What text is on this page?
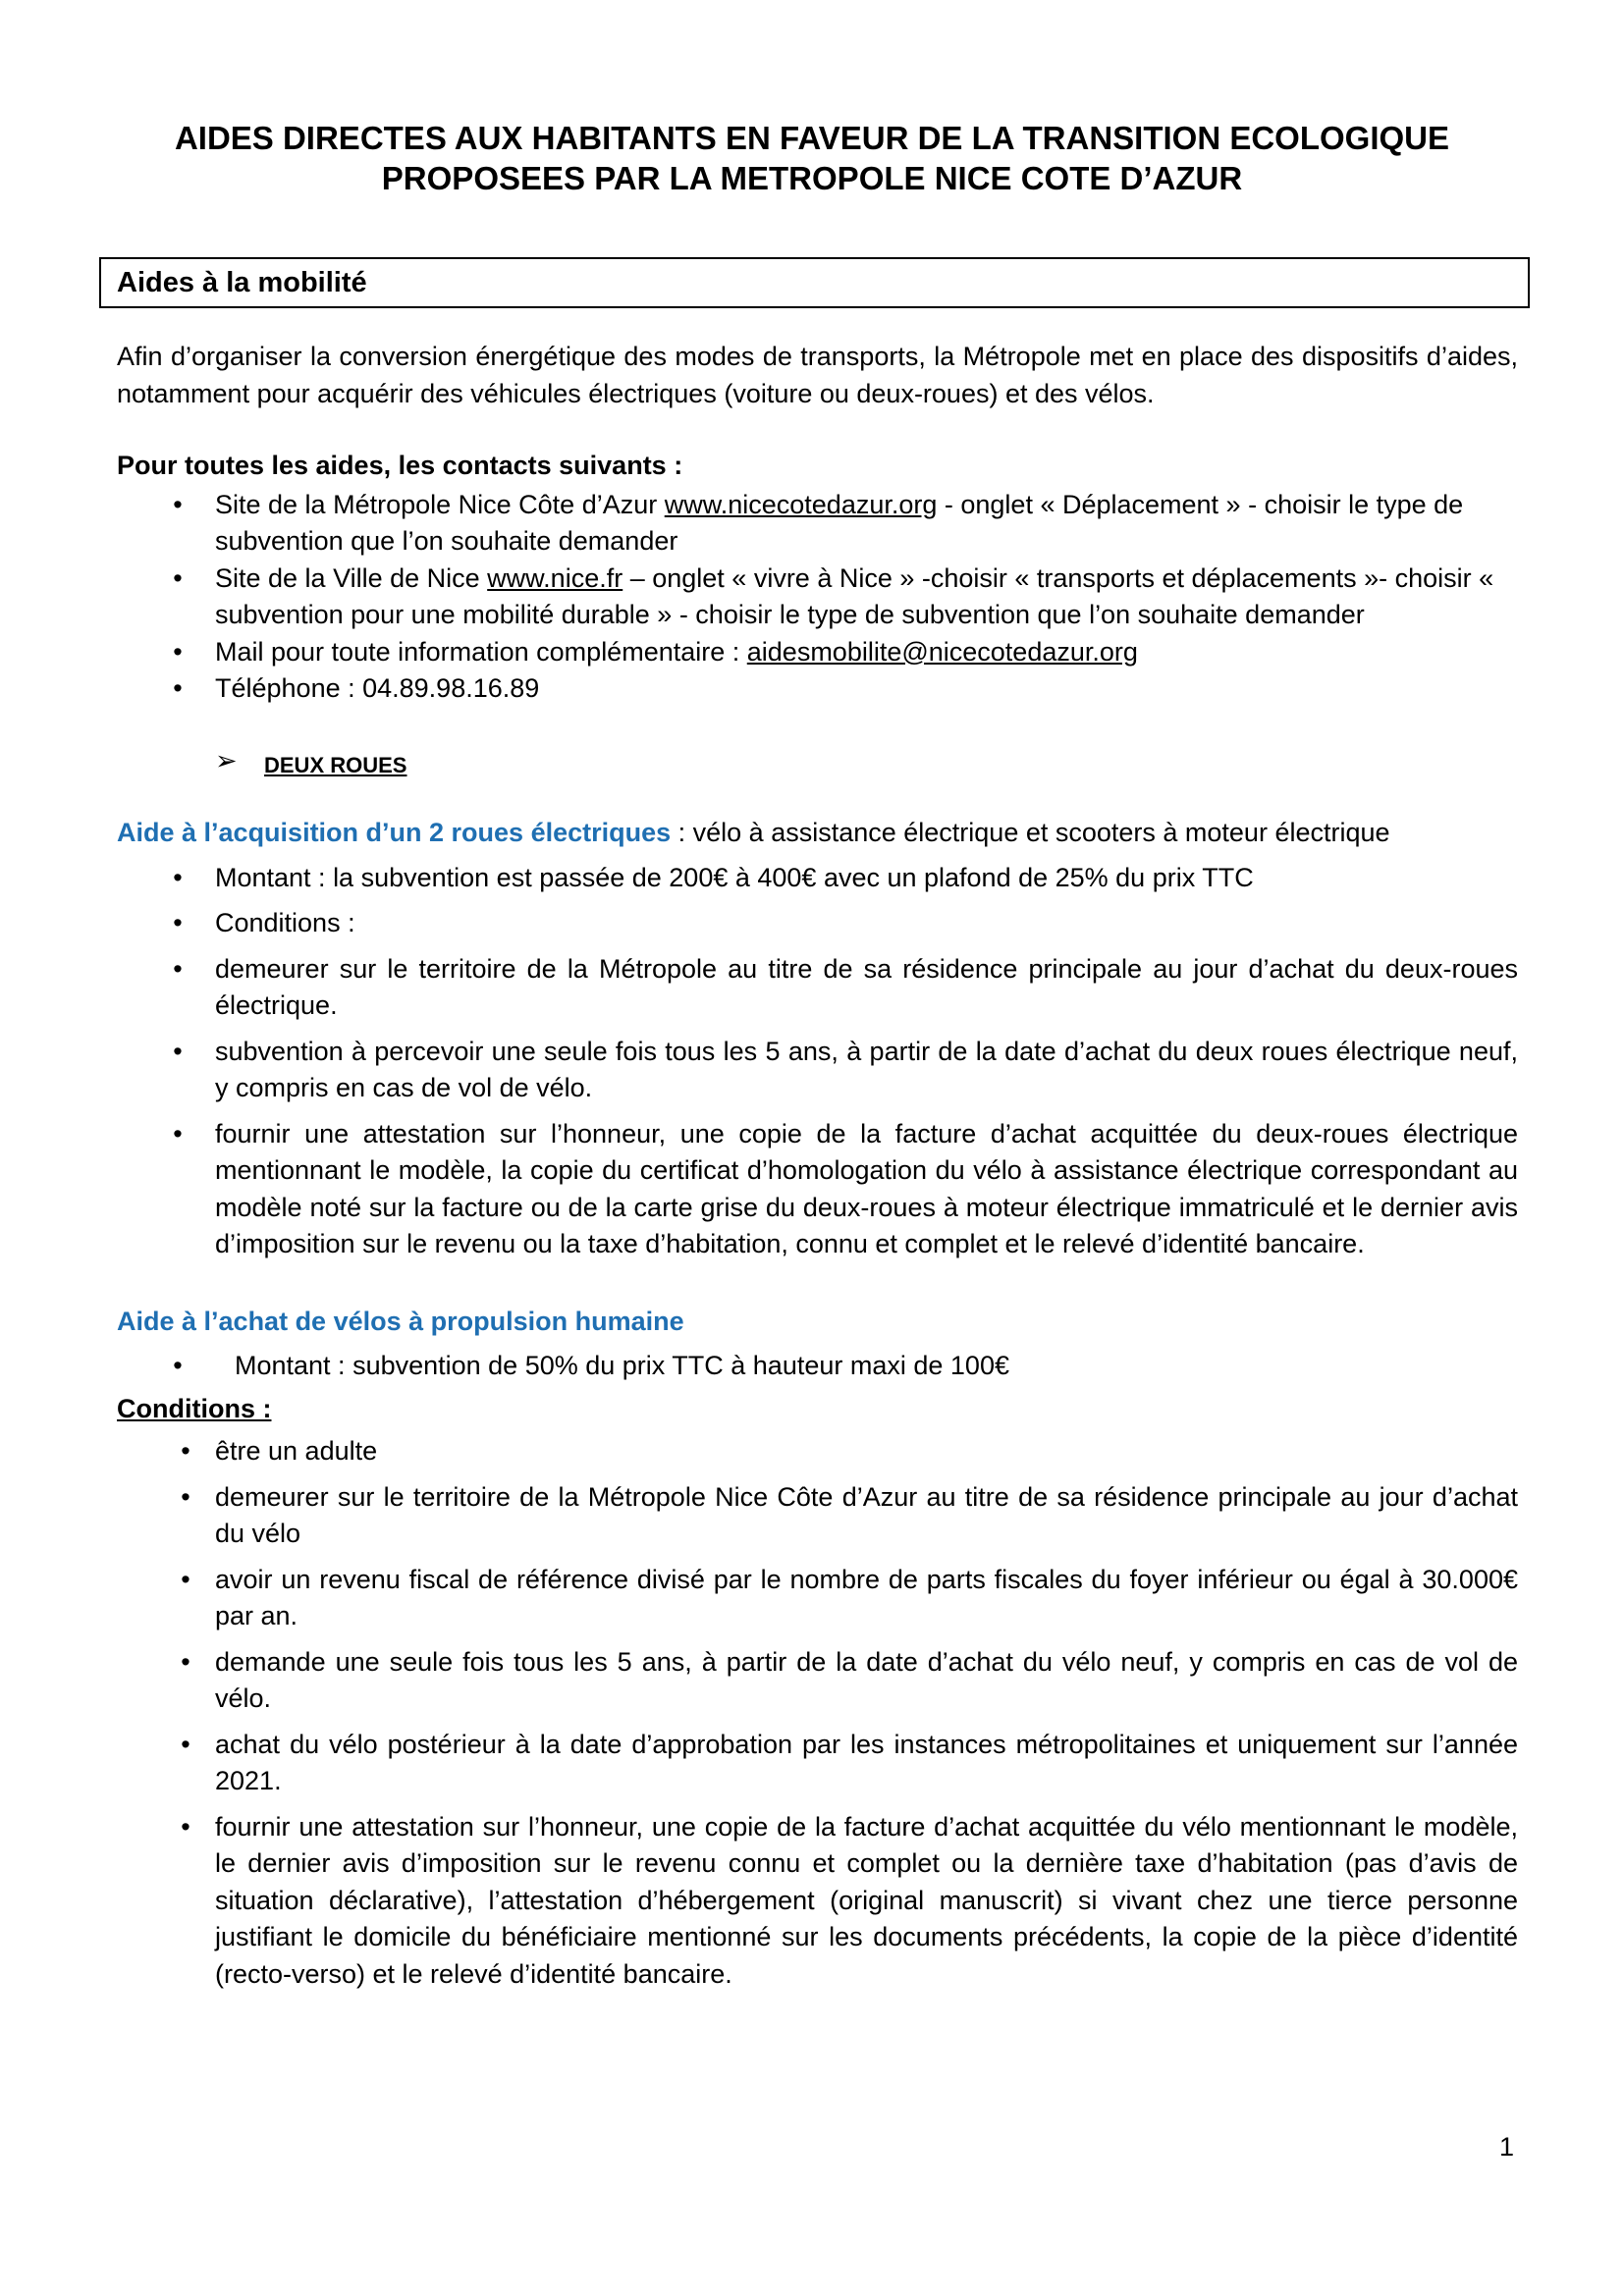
AIDES DIRECTES AUX HABITANTS EN FAVEUR DE LA TRANSITION ECOLOGIQUE
PROPOSEES PAR LA METROPOLE NICE COTE D’AZUR
Aides à la mobilité

Afin d’organiser la conversion énergétique des modes de transports, la Métropole met en place des dispositifs d’aides, notamment pour acquérir des véhicules électriques (voiture ou deux-roues) et des vélos.

Pour toutes les aides, les contacts suivants :
• Site de la Métropole Nice Côte d’Azur www.nicecotedazur.org - onglet « Déplacement » - choisir le type de subvention que l’on souhaite demander
• Site de la Ville de Nice www.nice.fr – onglet « vivre à Nice » -choisir « transports et déplacements »- choisir « subvention pour une mobilité durable » - choisir le type de subvention que l’on souhaite demander
• Mail pour toute information complémentaire : aidesmobilite@nicecotedazur.org
• Téléphone : 04.89.98.16.89
➢ DEUX ROUES
Aide à l’acquisition d’un 2 roues électriques : vélo à assistance électrique et scooters à moteur électrique
• Montant : la subvention est passée de 200€ à 400€ avec un plafond de 25% du prix TTC
• Conditions :
• demeurer sur le territoire de la Métropole au titre de sa résidence principale au jour d’achat du deux-roues électrique.
• subvention à percevoir une seule fois tous les 5 ans, à partir de la date d’achat du deux roues électrique neuf, y compris en cas de vol de vélo.
• fournir une attestation sur l’honneur, une copie de la facture d’achat acquittée du deux-roues électrique mentionnant le modèle, la copie du certificat d’homologation du vélo à assistance électrique correspondant au modèle noté sur la facture ou de la carte grise du deux-roues à moteur électrique immatriculé et le dernier avis d’imposition sur le revenu ou la taxe d’habitation, connu et complet et le relevé d’identité bancaire.
Aide à l’achat de vélos à propulsion humaine
• Montant : subvention de 50% du prix TTC à hauteur maxi de 100€
Conditions :
• être un adulte
• demeurer sur le territoire de la Métropole Nice Côte d’Azur au titre de sa résidence principale au jour d’achat du vélo
• avoir un revenu fiscal de référence divisé par le nombre de parts fiscales du foyer inférieur ou égal à 30.000€ par an.
• demande une seule fois tous les 5 ans, à partir de la date d’achat du vélo neuf, y compris en cas de vol de vélo.
• achat du vélo postérieur à la date d’approbation par les instances métropolitaines et uniquement sur l’année 2021.
• fournir une attestation sur l’honneur, une copie de la facture d’achat acquittée du vélo mentionnant le modèle, le dernier avis d’imposition sur le revenu connu et complet ou la dernière taxe d’habitation (pas d’avis de situation déclarative), l’attestation d’hébergement (original manuscrit) si vivant chez une tierce personne justifiant le domicile du bénéficiaire mentionné sur les documents précédents, la copie de la pièce d’identité (recto-verso) et le relevé d’identité bancaire.
1
